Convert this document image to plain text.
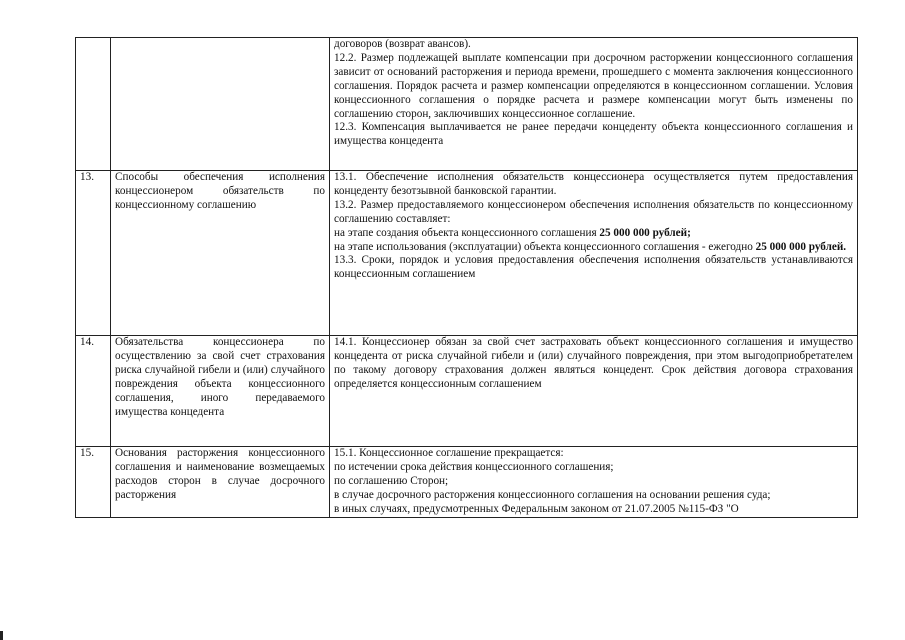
		договоров (возврат авансов).

12.2. Размер подлежащей выплате компенсации при досрочном расторжении концессионного соглашения зависит от оснований расторжения и периода времени, прошедшего с момента заключения концессионного соглашения. Порядок расчета и размер компенсации определяются в концессионном соглашении. Условия концессионного соглашения о порядке расчета и размере компенсации могут быть изменены по соглашению сторон, заключивших концессионное соглашение.

12.3. Компенсация выплачивается не ранее передачи концеденту объекта концессионного соглашения и имущества концедента

13.	Способы обеспечения исполнения концессионером обязательств по концессионному соглашению	13.1. Обеспечение исполнения обязательств концессионера осуществляется путем предоставления концеденту безотзывной банковской гарантии.

13.2. Размер предоставляемого концессионером обеспечения исполнения обязательств по концессионному соглашению составляет:

на этапе создания объекта концессионного соглашения 25 000 000 рублей;

на этапе использования (эксплуатации) объекта концессионного соглашения - ежегодно 25 000 000 рублей.

13.3. Сроки, порядок и условия предоставления обеспечения исполнения обязательств устанавливаются концессионным соглашением

14.	Обязательства концессионера по осуществлению за свой счет страхования риска случайной гибели и (или) случайного повреждения объекта концессионного соглашения, иного передаваемого имущества концедента	14.1. Концессионер обязан за свой счет застраховать объект концессионного соглашения и имущество концедента от риска случайной гибели и (или) случайного повреждения, при этом выгодоприобретателем по такому договору страхования должен являться концедент. Срок действия договора страхования определяется концессионным соглашением

15.	Основания расторжения концессионного соглашения и наименование возмещаемых расходов сторон в случае досрочного расторжения	15.1. Концессионное соглашение прекращается:

по истечении срока действия концессионного соглашения;

по соглашению Сторон;

в случае досрочного расторжения концессионного соглашения на основании решения суда;

в иных случаях, предусмотренных Федеральным законом от 21.07.2005 №115-ФЗ "О
